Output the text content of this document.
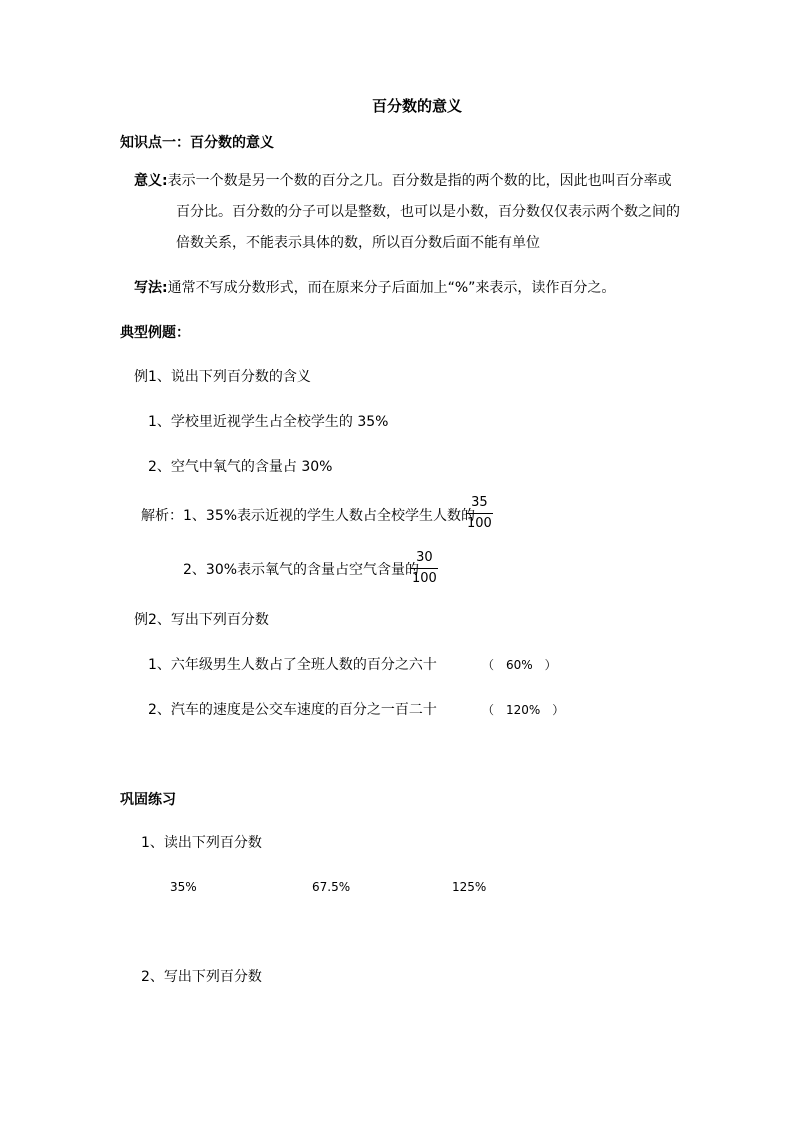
百分数的意义
知识点一：百分数的意义
意义:表示一个数是另一个数的百分之几。百分数是指的两个数的比，因此也叫百分率或
百分比。百分数的分子可以是整数，也可以是小数，百分数仅仅表示两个数之间的
倍数关系，不能表示具体的数，所以百分数后面不能有单位
写法:通常不写成分数形式，而在原来分子后面加上“%”来表示，读作百分之。
典型例题：
例1、说出下列百分数的含义
1、学校里近视学生占全校学生的 35%
2、空气中氧气的含量占 30%
解析：1、35%表示近视的学生人数占全校学生人数的
35
100
2、30%表示氧气的含量占空气含量的
30
100
例2、写出下列百分数
1、六年级男生人数占了全班人数的百分之六十	（　60%　）
2、汽车的速度是公交车速度的百分之一百二十	（　120%　）
巩固练习
1、读出下列百分数
35%	67.5%	125%
2、写出下列百分数
